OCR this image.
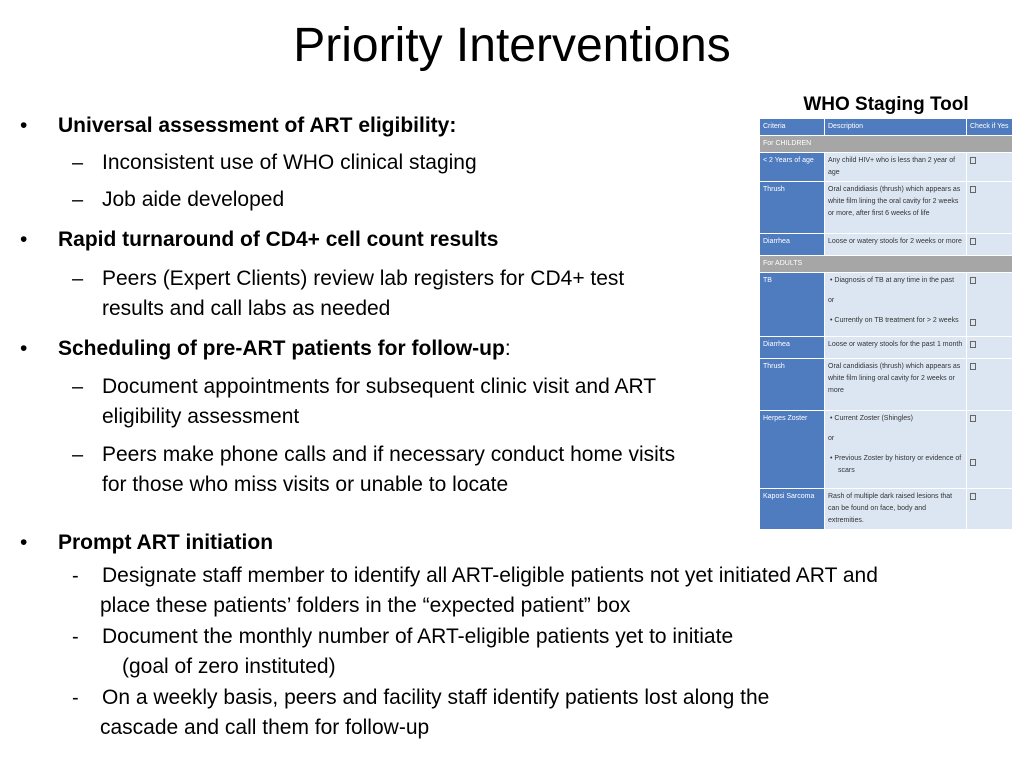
Priority Interventions
• Universal assessment of ART eligibility:
– Inconsistent use of WHO clinical staging
– Job aide developed
• Rapid turnaround of CD4+ cell count results
– Peers (Expert Clients) review lab registers for CD4+ test
results and call labs as needed
• Scheduling of pre-ART patients for follow-up:
– Document appointments for subsequent clinic visit and ART
eligibility assessment
– Peers make phone calls and if necessary conduct home visits
for those who miss visits or unable to locate
• Prompt ART initiation
- Designate staff member to identify all ART-eligible patients not yet initiated ART and
place these patients’ folders in the “expected patient” box
- Document the monthly number of ART-eligible patients yet to initiate
(goal of zero instituted)
- On a weekly basis, peers and facility staff identify patients lost along the
cascade and call them for follow-up
WHO Staging Tool
Criteria	Description	Check if Yes
For CHILDREN		
< 2 Years of age	Any child HIV+ who is less than 2 year of age	
Thrush	Oral candidiasis (thrush) which appears as white film lining the oral cavity for 2 weeks or more, after first 6 weeks of life	
Diarrhea	Loose or watery stools for 2 weeks or more	
For ADULTS		
TB	• Diagnosis of TB at any time in the past
or
• Currently on TB treatment for > 2 weeks	

Diarrhea	Loose or watery stools for the past 1 month	
Thrush	Oral candidiasis (thrush) which appears as white film lining oral cavity for 2 weeks or more	
Herpes Zoster	• Current Zoster (Shingles)
or
• Previous Zoster by history or evidence of scars	

Kaposi Sarcoma	Rash of multiple dark raised lesions that can be found on face, body and extremities.	
